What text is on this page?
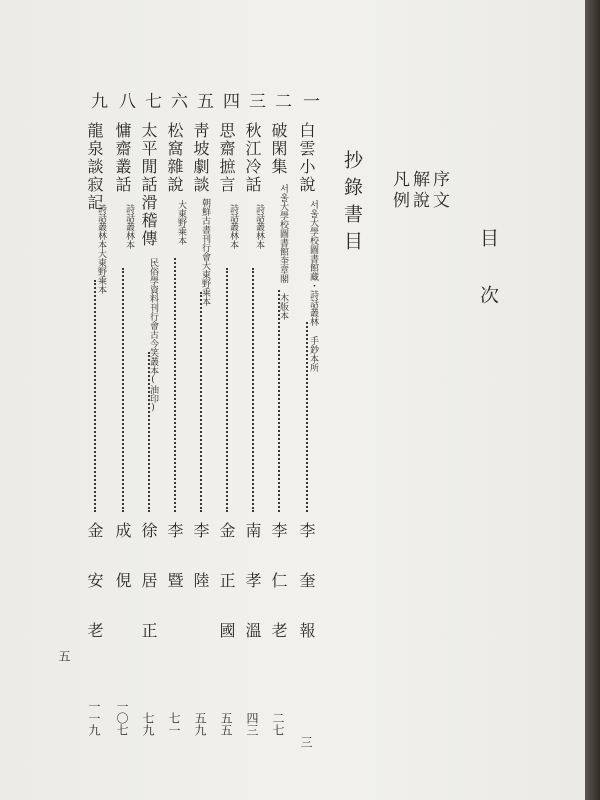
目次
序文
解說
凡例
抄錄書目
一
白雲小說
서울大學校圖書館藏・詩話叢林 手鈔本所
李奎報
三
二
破閑集
서울大學校圖書館奎章閣 木版本
李仁老
二七
三
秋江冷話
詩話叢林本
南孝溫
四三
四
思齋摭言
詩話叢林本
金正國
五五
五
靑坡劇談
朝鮮古書刊行會大東野乘本
李陸
五九
六
松窩雜說
大東野乘本
李暨
七一
七
太平閒話滑稽傳
民俗學資料刊行會古今笑叢本(油印)
徐居正
七九
八
慵齋叢話
詩話叢林本
成俔
一〇七
九
龍泉談寂記
詩話叢林本大東野乘本
金安老
一一九
五
